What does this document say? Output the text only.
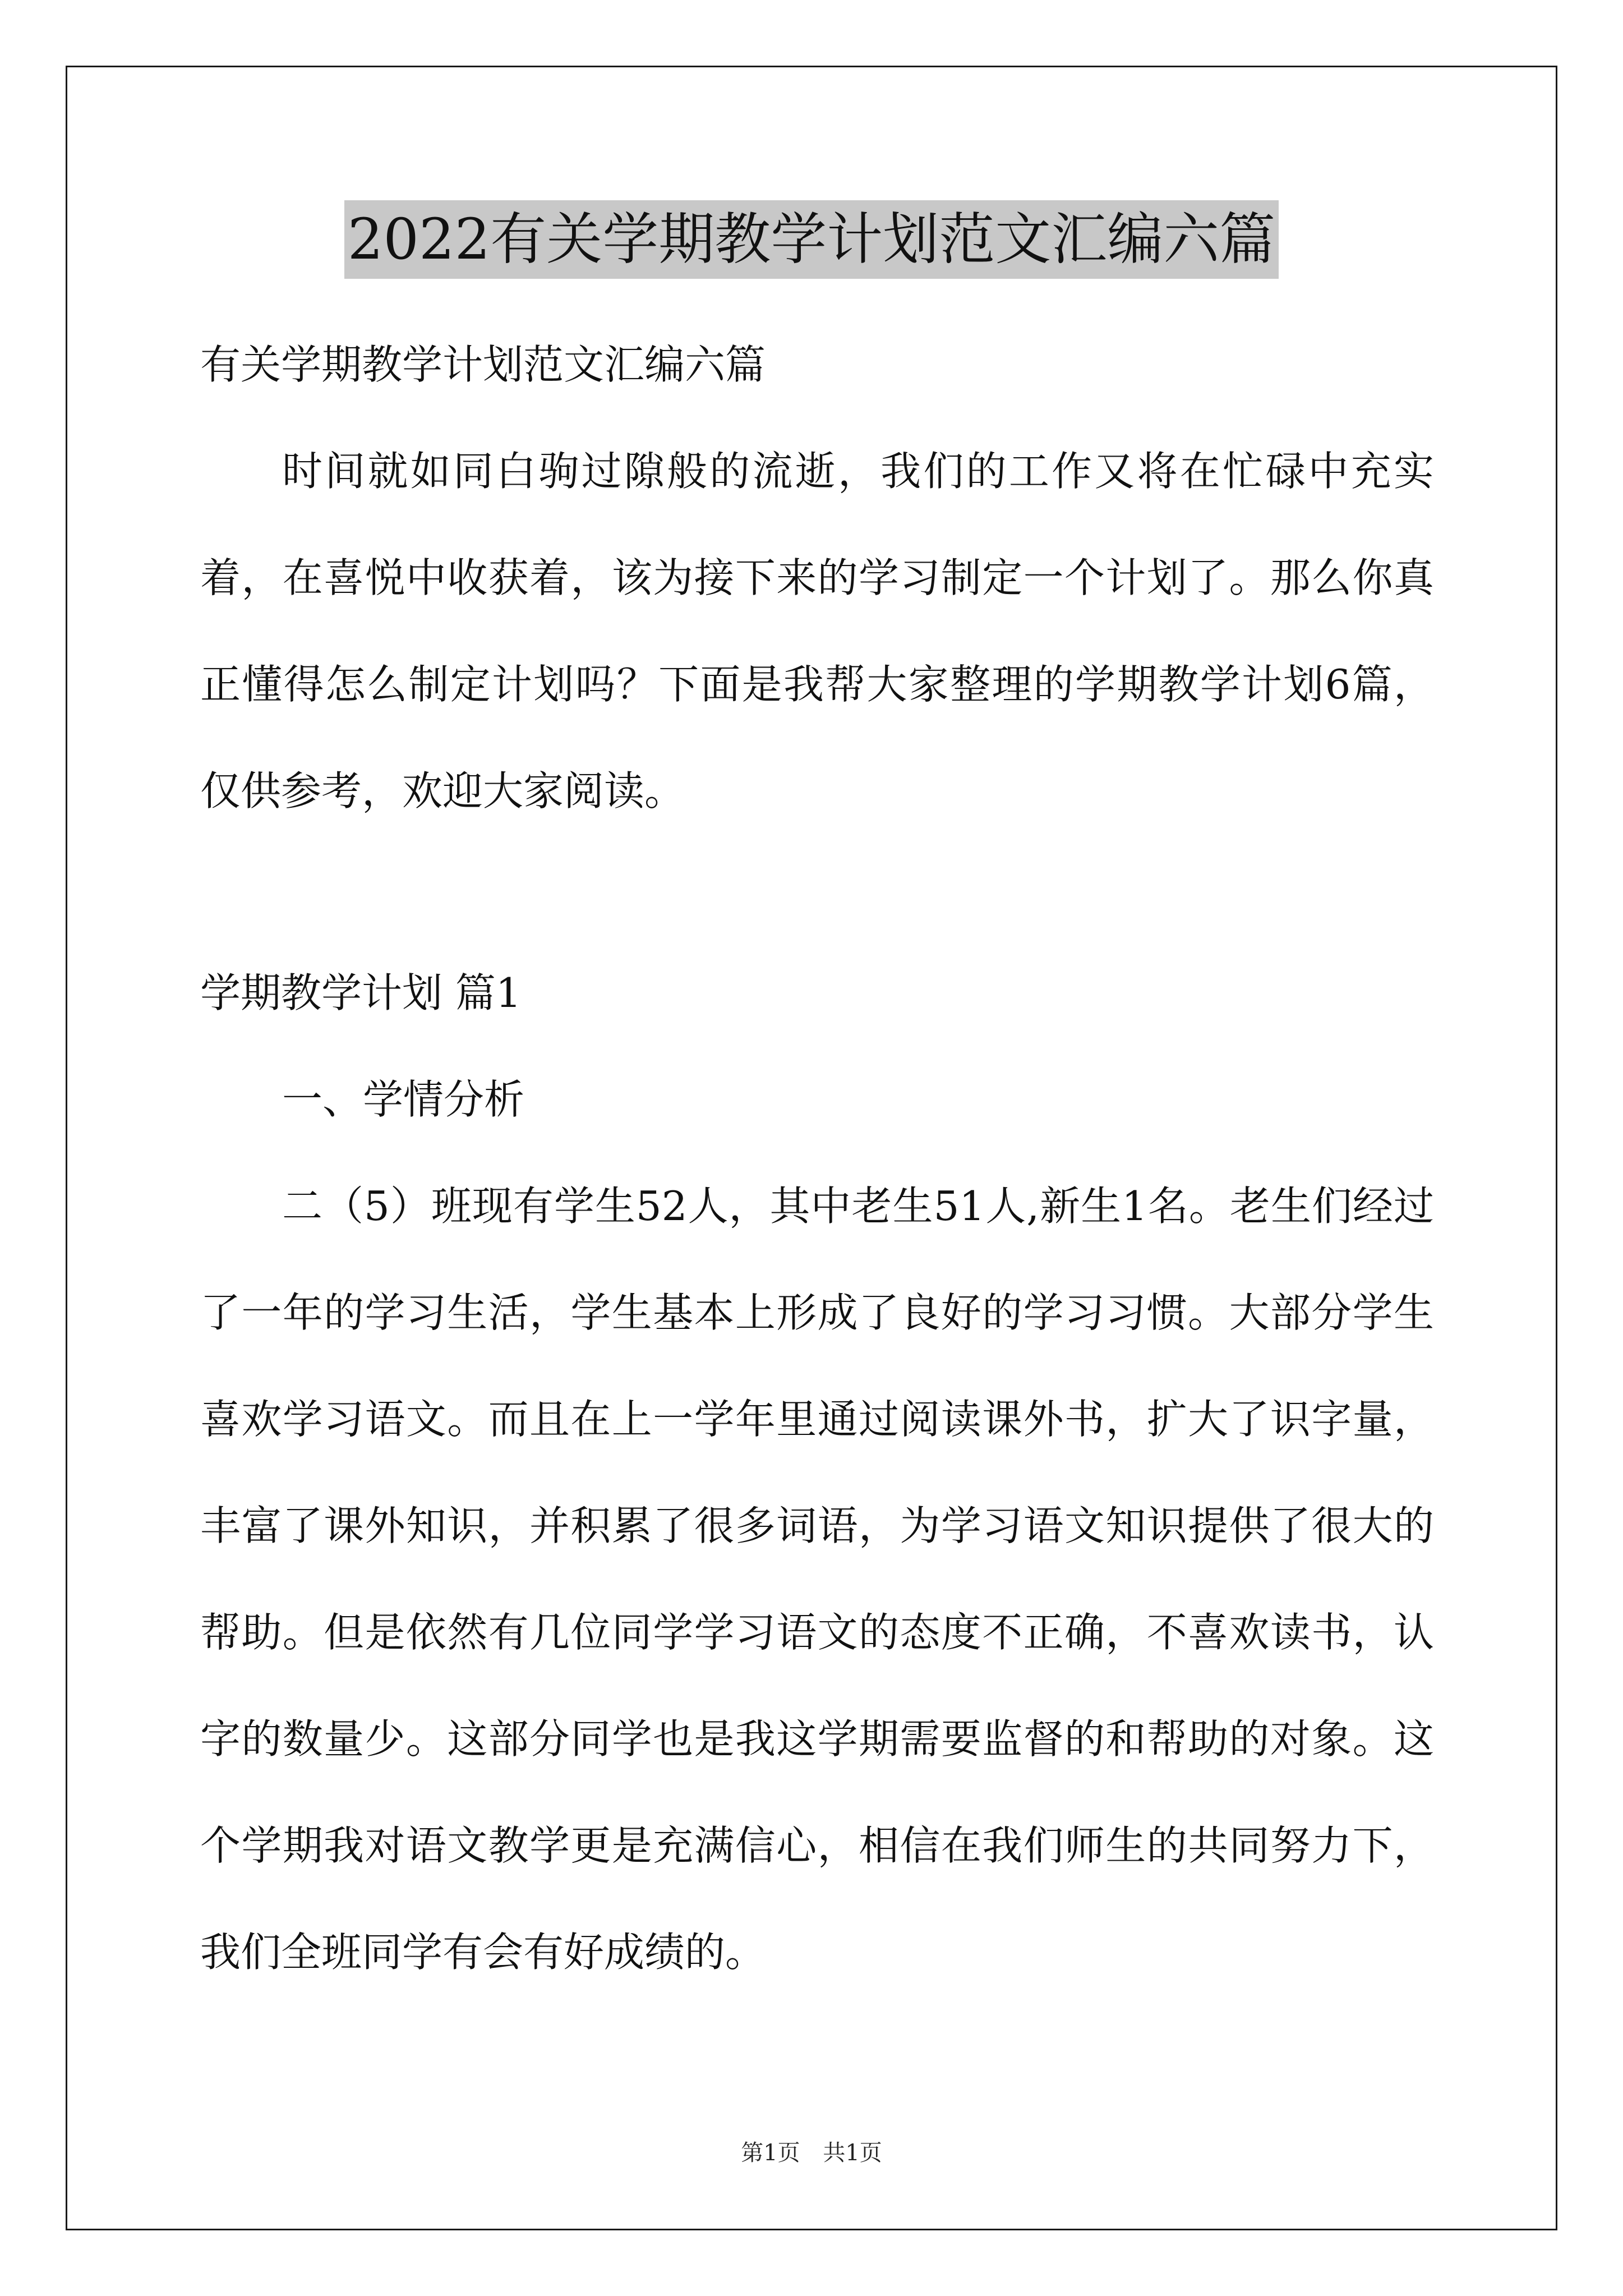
2022有关学期教学计划范文汇编六篇

有关学期教学计划范文汇编六篇

时间就如同白驹过隙般的流逝，我们的工作又将在忙碌中充实着，在喜悦中收获着，该为接下来的学习制定一个计划了。那么你真正懂得怎么制定计划吗？下面是我帮大家整理的学期教学计划6篇，仅供参考，欢迎大家阅读。

学期教学计划 篇1

一、学情分析

二（5）班现有学生52人，其中老生51人,新生1名。老生们经过了一年的学习生活，学生基本上形成了良好的学习习惯。大部分学生喜欢学习语文。而且在上一学年里通过阅读课外书，扩大了识字量，丰富了课外知识，并积累了很多词语，为学习语文知识提供了很大的帮助。但是依然有几位同学学习语文的态度不正确，不喜欢读书，认字的数量少。这部分同学也是我这学期需要监督的和帮助的对象。这个学期我对语文教学更是充满信心，相信在我们师生的共同努力下，我们全班同学有会有好成绩的。

第1页 共1页
